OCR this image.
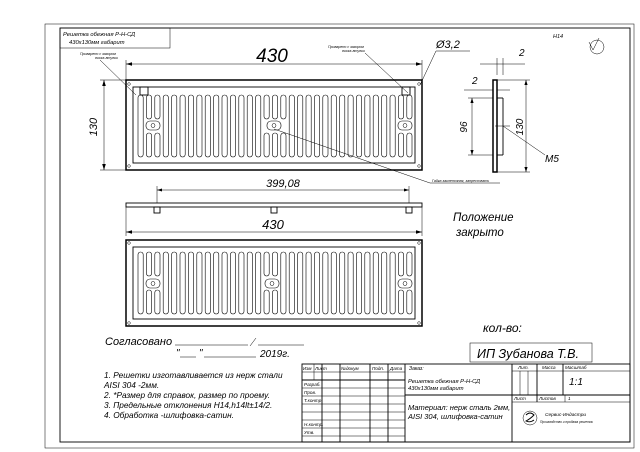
Решетка обежная Р-Н-СД
430х130мм габарит
H14
430
130
Приварено с зазором
виска-втулки
Приварено с зазором
виска-втулки	Ø3,2
Гайка заклепочная, запрессовать
2
2
96	130
M5
399,08
430	Положение
закрыто
Согласовано
" "	2019г.
кол-во:
ИП Зубанова Т.В.
1. Решетки изготавливается из нерж стали
AISI 304 -2мм.
2. *Размер для справок, размер по проему.
3. Предельные отклонения H14,h14lt±14/2.
4. Обработка -шлифовка-сатин.
Изм Лист	№докум	Подп. Дата
Разраб.
Пров.
Т.контр.
Н.контр.
Утв.
Заказ:
Решетка обежная Р-Н-СД
430х130мм габарит
Материал: нерж сталь 2мм,
AISI 304, шлифовка-сатин
Лит.	Масса Масштаб
1:1
Лист	Листов	1
Сервис-Индастри
Производство и продажа решеток
